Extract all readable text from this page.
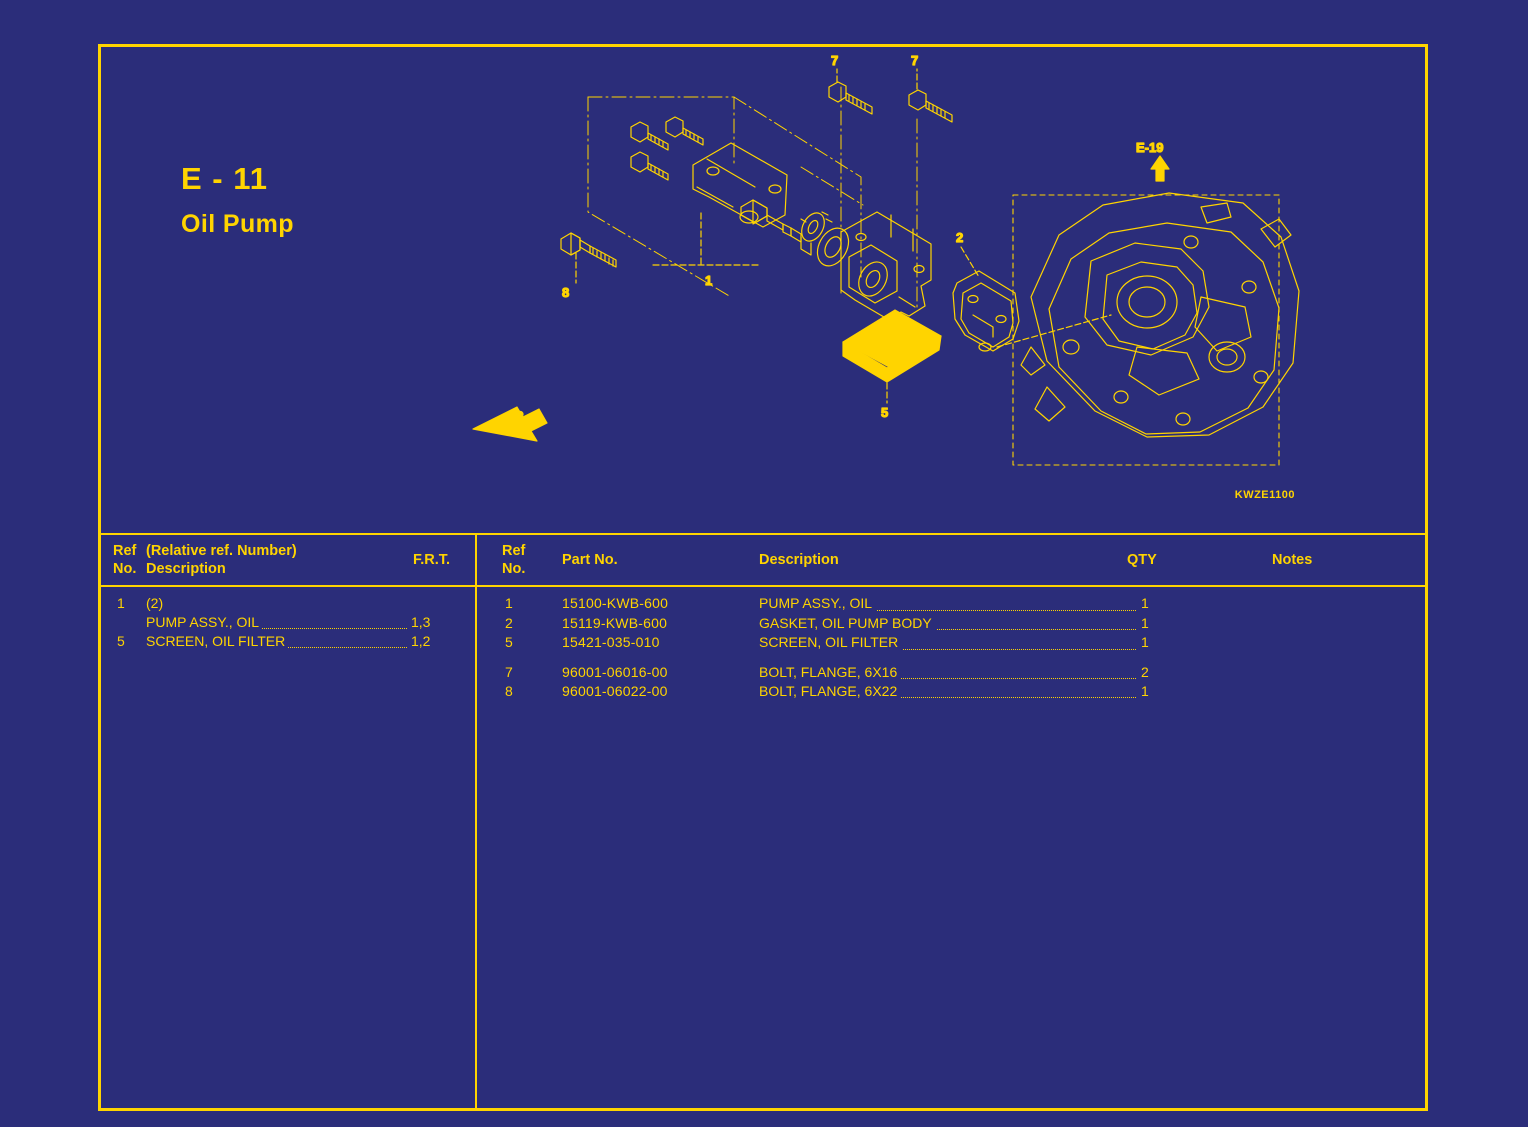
E - 11
Oil Pump
8
2
5
7	7
1
E-19
FR.
KWZE1100
Ref
No.
(Relative ref. Number)
Description
F.R.T.
1 (2)
PUMP ASSY., OIL	1,3
5 SCREEN, OIL FILTER	1,2
Ref
No.
Part No.	Description	QTY	Notes
1	15100-KWB-600	PUMP ASSY., OIL	1
2	15119-KWB-600	GASKET, OIL PUMP BODY	1
5	15421-035-010	SCREEN, OIL FILTER	1
7	96001-06016-00	BOLT, FLANGE, 6X16	2
8	96001-06022-00	BOLT, FLANGE, 6X22	1
